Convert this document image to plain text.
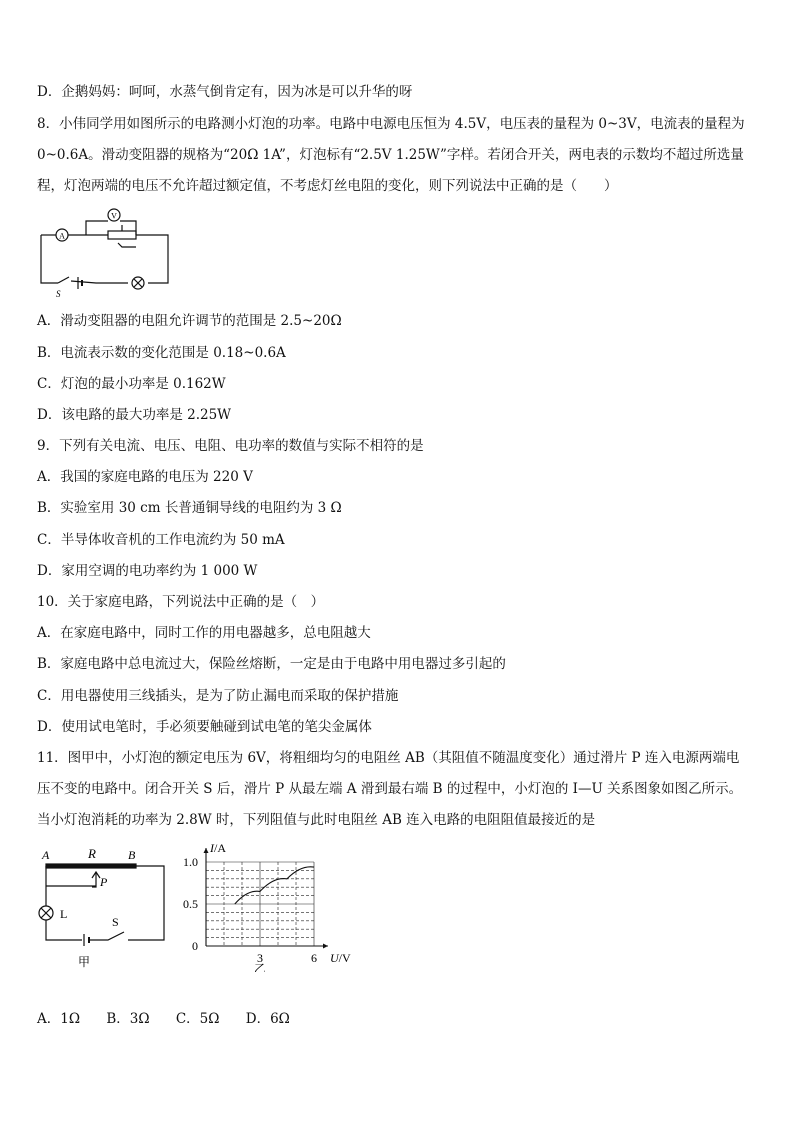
D．企鹅妈妈：呵呵，水蒸气倒肯定有，因为冰是可以升华的呀
8．小伟同学用如图所示的电路测小灯泡的功率。电路中电源电压恒为 4.5V，电压表的量程为 0~3V，电流表的量程为
0~0.6A。滑动变阻器的规格为“20Ω 1A”，灯泡标有“2.5V 1.25W”字样。若闭合开关，两电表的示数均不超过所选量
程，灯泡两端的电压不允许超过额定值，不考虑灯丝电阻的变化，则下列说法中正确的是（　　）
A
V
S
A．滑动变阻器的电阻允许调节的范围是 2.5~20Ω
B．电流表示数的变化范围是 0.18~0.6A
C．灯泡的最小功率是 0.162W
D．该电路的最大功率是 2.25W
9．下列有关电流、电压、电阻、电功率的数值与实际不相符的是
A．我国的家庭电路的电压为 220 V
B．实验室用 30 cm 长普通铜导线的电阻约为 3 Ω
C．半导体收音机的工作电流约为 50 mA
D．家用空调的电功率约为 1 000 W
10．关于家庭电路，下列说法中正确的是（　）
A．在家庭电路中，同时工作的用电器越多，总电阻越大
B．家庭电路中总电流过大，保险丝熔断，一定是由于电路中用电器过多引起的
C．用电器使用三线插头，是为了防止漏电而采取的保护措施
D．使用试电笔时，手必须要触碰到试电笔的笔尖金属体
11．图甲中，小灯泡的额定电压为 6V，将粗细均匀的电阻丝 AB（其阻值不随温度变化）通过滑片 P 连入电源两端电
压不变的电路中。闭合开关 S 后，滑片 P 从最左端 A 滑到最右端 B 的过程中，小灯泡的 I—U 关系图象如图乙所示。
当小灯泡消耗的功率为 2.8W 时，下列阻值与此时电阻丝 AB 连入电路的电阻阻值最接近的是
A	R	B
P
L
S
甲
0.5
1.0
0
3	6
乙
I/A
U/V
A．1Ω B．3Ω C．5Ω D．6Ω
